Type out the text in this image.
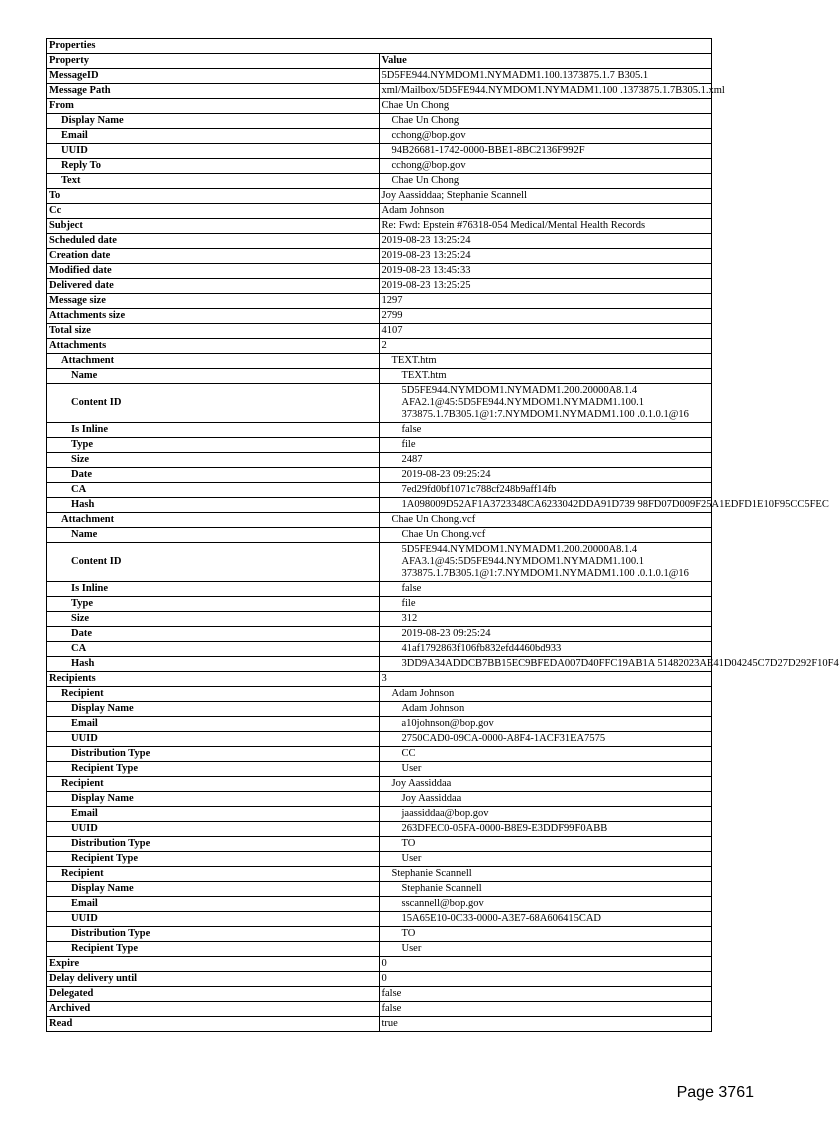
Properties	
Property	Value
MessageID	5D5FE944.NYMDOM1.NYMADM1.100.1373875.1.7 B305.1
Message Path	xml/Mailbox/5D5FE944.NYMDOM1.NYMADM1.100 .1373875.1.7B305.1.xml
From	Chae Un Chong
Display Name	Chae Un Chong
Email	cchong@bop.gov
UUID	94B26681-1742-0000-BBE1-8BC2136F992F
Reply To	cchong@bop.gov
Text	Chae Un Chong
To	Joy Aassiddaa; Stephanie Scannell
Cc	Adam Johnson
Subject	Re: Fwd: Epstein #76318-054 Medical/Mental Health Records
Scheduled date	2019-08-23 13:25:24
Creation date	2019-08-23 13:25:24
Modified date	2019-08-23 13:45:33
Delivered date	2019-08-23 13:25:25
Message size	1297
Attachments size	2799
Total size	4107
Attachments	2
Attachment	TEXT.htm
Name	TEXT.htm
Content ID	5D5FE944.NYMDOM1.NYMADM1.200.20000A8.1.4
AFA2.1@45:5D5FE944.NYMDOM1.NYMADM1.100.1
373875.1.7B305.1@1:7.NYMDOM1.NYMADM1.100 .0.1.0.1@16
Is Inline	false
Type	file
Size	2487
Date	2019-08-23 09:25:24
CA	7ed29fd0bf1071c788cf248b9aff14fb
Hash	1A098009D52AF1A3723348CA6233042DDA91D739 98FD07D009F25A1EDFD1E10F95CC5FEC
Attachment	Chae Un Chong.vcf
Name	Chae Un Chong.vcf
Content ID	5D5FE944.NYMDOM1.NYMADM1.200.20000A8.1.4
AFA3.1@45:5D5FE944.NYMDOM1.NYMADM1.100.1
373875.1.7B305.1@1:7.NYMDOM1.NYMADM1.100 .0.1.0.1@16
Is Inline	false
Type	file
Size	312
Date	2019-08-23 09:25:24
CA	41af1792863f106fb832efd4460bd933
Hash	3DD9A34ADDCB7BB15EC9BFEDA007D40FFC19AB1A 51482023AE41D04245C7D27D292F10F4
Recipients	3
Recipient	Adam Johnson
Display Name	Adam Johnson
Email	a10johnson@bop.gov
UUID	2750CAD0-09CA-0000-A8F4-1ACF31EA7575
Distribution Type	CC
Recipient Type	User
Recipient	Joy Aassiddaa
Display Name	Joy Aassiddaa
Email	jaassiddaa@bop.gov
UUID	263DFEC0-05FA-0000-B8E9-E3DDF99F0ABB
Distribution Type	TO
Recipient Type	User
Recipient	Stephanie Scannell
Display Name	Stephanie Scannell
Email	sscannell@bop.gov
UUID	15A65E10-0C33-0000-A3E7-68A606415CAD
Distribution Type	TO
Recipient Type	User
Expire	0
Delay delivery until	0
Delegated	false
Archived	false
Read	true
Page 3761
